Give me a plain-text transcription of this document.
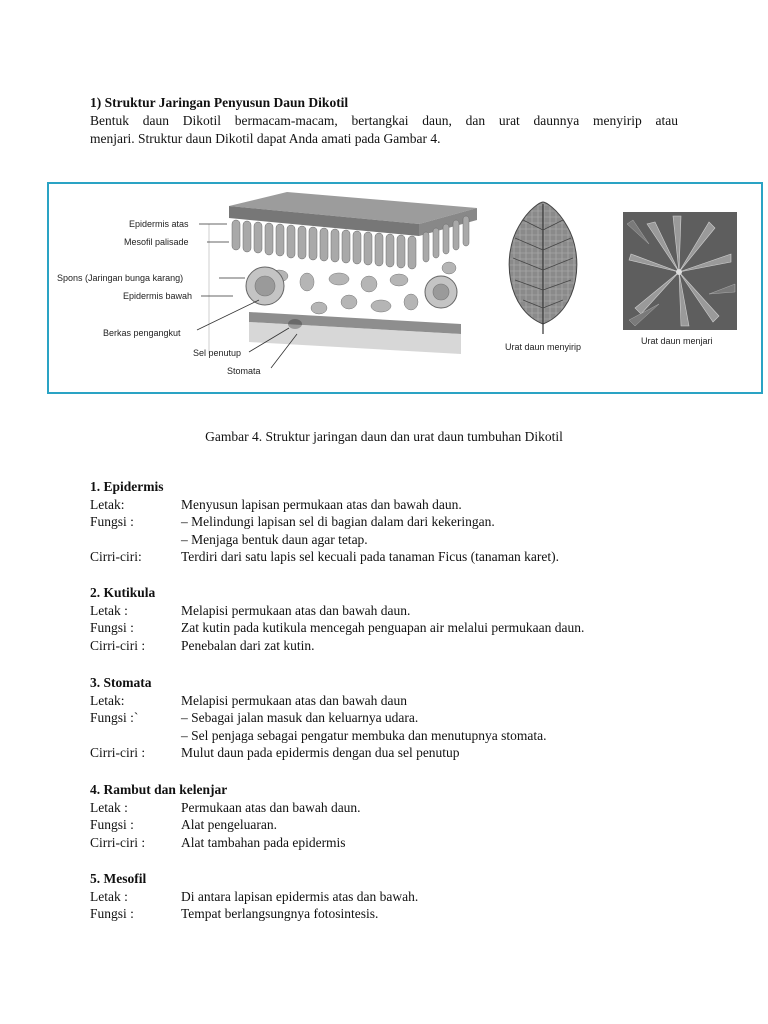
1) Struktur Jaringan Penyusun Daun Dikotil
Bentuk daun Dikotil bermacam-macam, bertangkai daun, dan urat daunnya menyirip atau
menjari. Struktur daun Dikotil dapat Anda amati pada Gambar 4.
Epidermis atas
Mesofil palisade
Spons (Jaringan bunga karang)
Epidermis bawah
Berkas pengangkut
Sel penutup
Stomata
Urat daun menyirip
Urat daun menjari
Gambar 4. Struktur jaringan daun dan urat daun tumbuhan Dikotil
1. Epidermis
Letak:	Menyusun lapisan permukaan atas dan bawah daun.
Fungsi :	– Melindungi lapisan sel di bagian dalam dari kekeringan.
– Menjaga bentuk daun agar tetap.
Cirri-ciri:	Terdiri dari satu lapis sel kecuali pada tanaman Ficus (tanaman karet).
2. Kutikula
Letak :	Melapisi permukaan atas dan bawah daun.
Fungsi :	Zat kutin pada kutikula mencegah penguapan air melalui permukaan daun.
Cirri-ciri :	Penebalan dari zat kutin.
3. Stomata
Letak:	Melapisi permukaan atas dan bawah daun
Fungsi :`	– Sebagai jalan masuk dan keluarnya udara.
– Sel penjaga sebagai pengatur membuka dan menutupnya stomata.
Cirri-ciri :	Mulut daun pada epidermis dengan dua sel penutup
4. Rambut dan kelenjar
Letak :	Permukaan atas dan bawah daun.
Fungsi :	Alat pengeluaran.
Cirri-ciri :	Alat tambahan pada epidermis
5. Mesofil
Letak :	Di antara lapisan epidermis atas dan bawah.
Fungsi :	Tempat berlangsungnya fotosintesis.
